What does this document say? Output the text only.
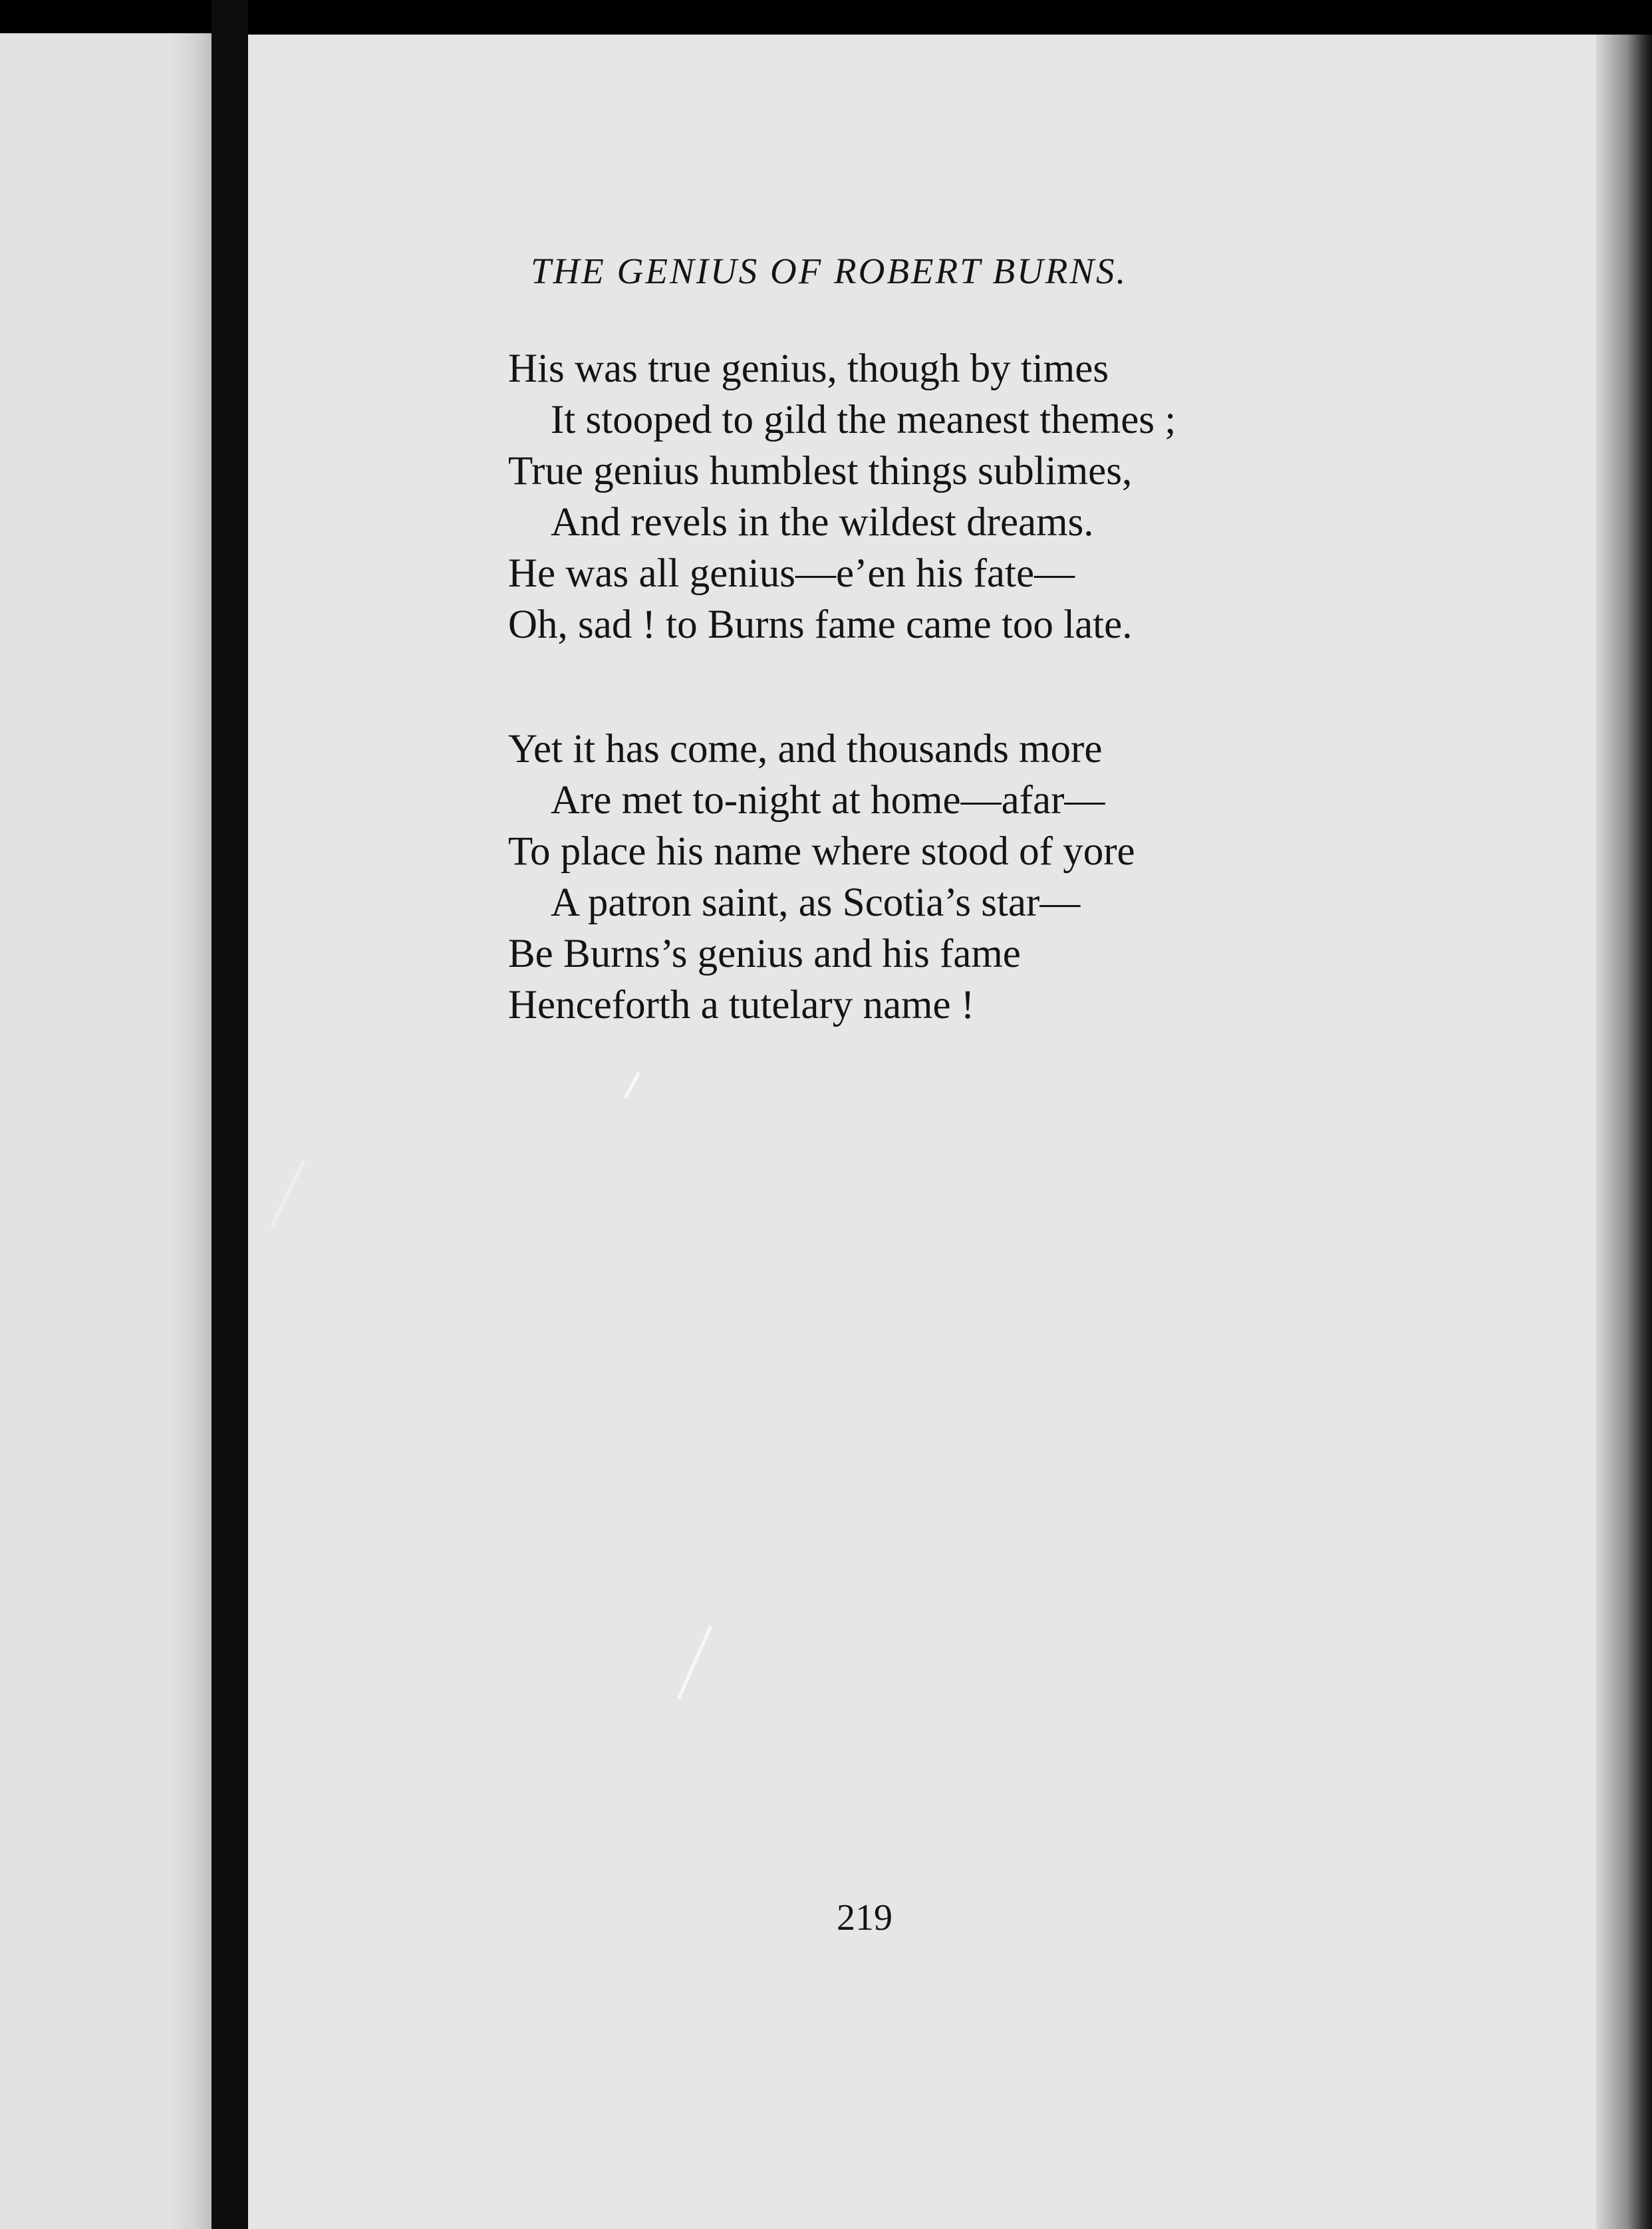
THE GENIUS OF ROBERT BURNS.
His was true genius, though by times
It stooped to gild the meanest themes ;
True genius humblest things sublimes,
And revels in the wildest dreams.
He was all genius—e’en his fate—
Oh, sad ! to Burns fame came too late.
Yet it has come, and thousands more
Are met to-night at home—afar—
To place his name where stood of yore
A patron saint, as Scotia’s star—
Be Burns’s genius and his fame
Henceforth a tutelary name !
219
